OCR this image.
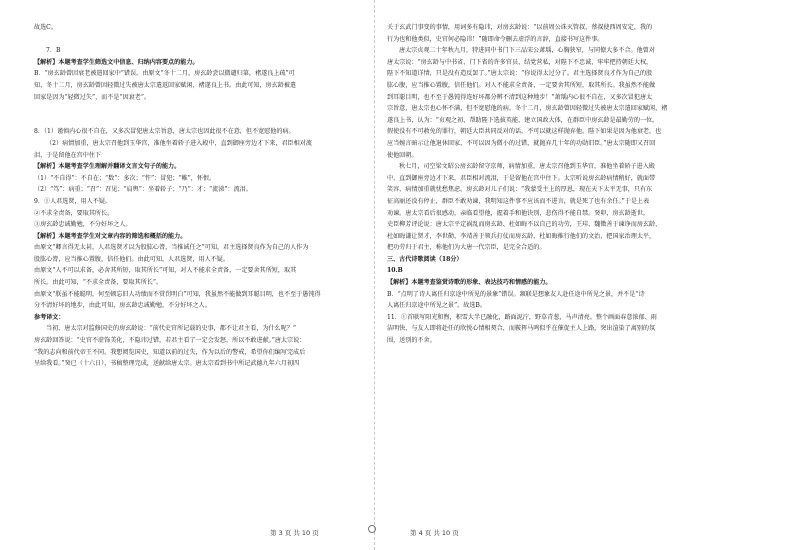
故选C。
7．B
【解析】本题考查学生筛选文中信息、归纳内容要点的能力。
B．“房玄龄曾因衰老被遣回家中”错误。由原文“冬十二月，房玄龄尝以微谴归第，褚遂良上疏”可
知，冬十二月，房玄龄曾因轻微过失被唐太宗遣返回家赋闲，褚遂良上书。由此可知，房玄龄被遣
回家是因为“轻微过失”，而不是“因衰老”。
8．（1）谨慎内心很不自在，又多次冒犯唐太宗旨意，唐太宗也因此很不在意，但不宽慰他的病。
（2）病情加重，唐太宗召他到玉华宫，准他坐着轿子进入殿中，直到御座旁边才下来，君臣相对流
泪，于是留他在宫中住下
【解析】本题考查学生理解并翻译文言文句子的能力。
（1）“不自得”：不自在；“数”：多次；“忤”：冒犯；“帷”，怀恨。
（2）“笃”：病重；“召”：召见；“肩舆”：坐着轿子；“乃”：才；“流涕”：流泪。
9．①人君选贤，用人不疑。
②不求全责备，要取其所长。
③房玄龄忠诚勤勉，不分好坏之人。
【解析】本题考查学生对文章内容的筛选和概括的能力。
由原文“卿言得无太甚，人君选贤才以为股肱心膂，当推诚任之”可知，君主选择贤良作为自己的人作为
股肱心膂，应当推心置腹，信任他们。由此可知，人君选贤，用人不疑。
由原文“人不可以求备，必舍其所短，取其所长”可知，对人不能求全责备，一定要舍其所短，取其
所长。由此可知，“不求全责备，要取其所长”。
由原文“朕虽不能聪明，何至顿忘旧人功绩而不赏罚明白”可知，我虽然不能做到耳聪目明，也不至于愚钝得
分不清好坏的地步，由此可知，房玄龄忠诚勤勉，不分好坏之人。
参考译文：
当初，唐太宗对监修国史的房玄龄说：“前代史官所记载的史事，都不让君主看，为什么呢？”
房玄龄回答说：“史官不虚饰美化，不隐讳过错，若君主看了一定会发怒，所以不敢进献。”唐太宗说：
“我的志向和前代帝王不同。我想阅览国史，知道以前的过失，作为以后的警戒，希望你们编写完成后
呈给我看。”癸已（十六日），书稿整理完成，送献给唐太宗。唐太宗看到书中所记武德九年六月初四
关于玄武门事变的事情，用词多有隐讳，对房玄龄说：“以前周公诛灭管叔、蔡叔使西周安定，我的
行为也和他类似，史官何必隐讳！”随即命令删去虚浮的言辞，直接书写这件事。
唐太宗贞观二十年秋九月，特进同中书门下三品宋公萧瑀，心胸狭窄，与同僚大多不合。他曾对
唐太宗说：“房玄龄与中书省、门下省的许多官员，结党营私，对陛下不忠诚，牢牢把持朝廷大权，
陛下不知道详情，只是没有造反罢了。”唐太宗说：“你说得太过分了。君主选择贤良才作为自己的股
肱心腹，应当推心置腹，信任他们。对人不能求全责备，一定要舍其所短，取其所长。我虽然不能做
到耳聪目明，也不至于愚钝得连好坏都分辨不清到这种地步！”萧瑀内心很不自在，又多次冒犯唐太
宗旨意，唐太宗也心怀不满，但不宽慰他的病。冬十二月，房玄龄曾因轻微过失被唐太宗遣回家赋闲，褚
遂良上书，认为：“贞观之初，帮助陛下选拔英能，建立国政大体，在群臣中房玄龄是最勤劳的一位。
假使没有不可赦免的罪行，朝廷大臣共同反对的话，不可以就这样抛弃他。陛下如果是因为他衰老，也
应当婉言暗示让他退休回家，不可以因为微小的过错，就抛弃几十年的功勋旧臣。”唐太宗随即又召回
使他回朝。
秋七月，司空梁文昭公房玄龄留守京师，病情加重，唐太宗召他到玉华宫，准他坐着轿子进入殿
中，直到御座旁边才下来，君臣相对流泪，于是留他在宫中住下。太宗听说房玄龄病情稍好，就面带
笑容，病情加重就忧愁焦虑。房玄龄对儿子们说：“我蒙受主上的厚恩，现在天下太平无事，只有东
征高丽还没有停止，群臣不敢劝谏，我明知这件事不应该而不进言，就是死了也有余任。”于是上表
劝谏。唐太宗看后很感动，亲临看望他，握着手和他诀别，悲伤得不能自禁。癸卯，房玄龄逝世。
史臣柳芳评论说：唐太宗平定祸乱而房玄龄、杜如晦不以自己的功劳，王珪、魏徵善于谏诤而房玄龄、
杜如晦谦让贤才，李世勣、李靖善于领兵打仗而房玄龄、杜如晦推行他们的文治，把国家治理太平，
把功劳归于君主，称他们为大唐一代宗臣，是完全合适的。
三、古代诗歌阅读（18分）
10.B
【解析】本题考查鉴赏诗歌的形象、表达技巧和情感的能力。
B．“点明了诗人离任归京途中所见的景象”错误。颔联是想象友人赴任途中所见之景，并不是“诗
人离任归京途中所见之景”。故选B。
11．①首联写阳光和煦，积雪大半已融化，路面泥泞，野草青葱，马声清亮。整个画面春意浓郁、雨
洁明快，与友人即将赴任的欣悦心情相契合，而鞍挥马鸣似乎在催促主人上路，突出渲染了离别的氛
围，送别的不舍。
第 3 页 共 10 页	第 4 页 共 10 页
